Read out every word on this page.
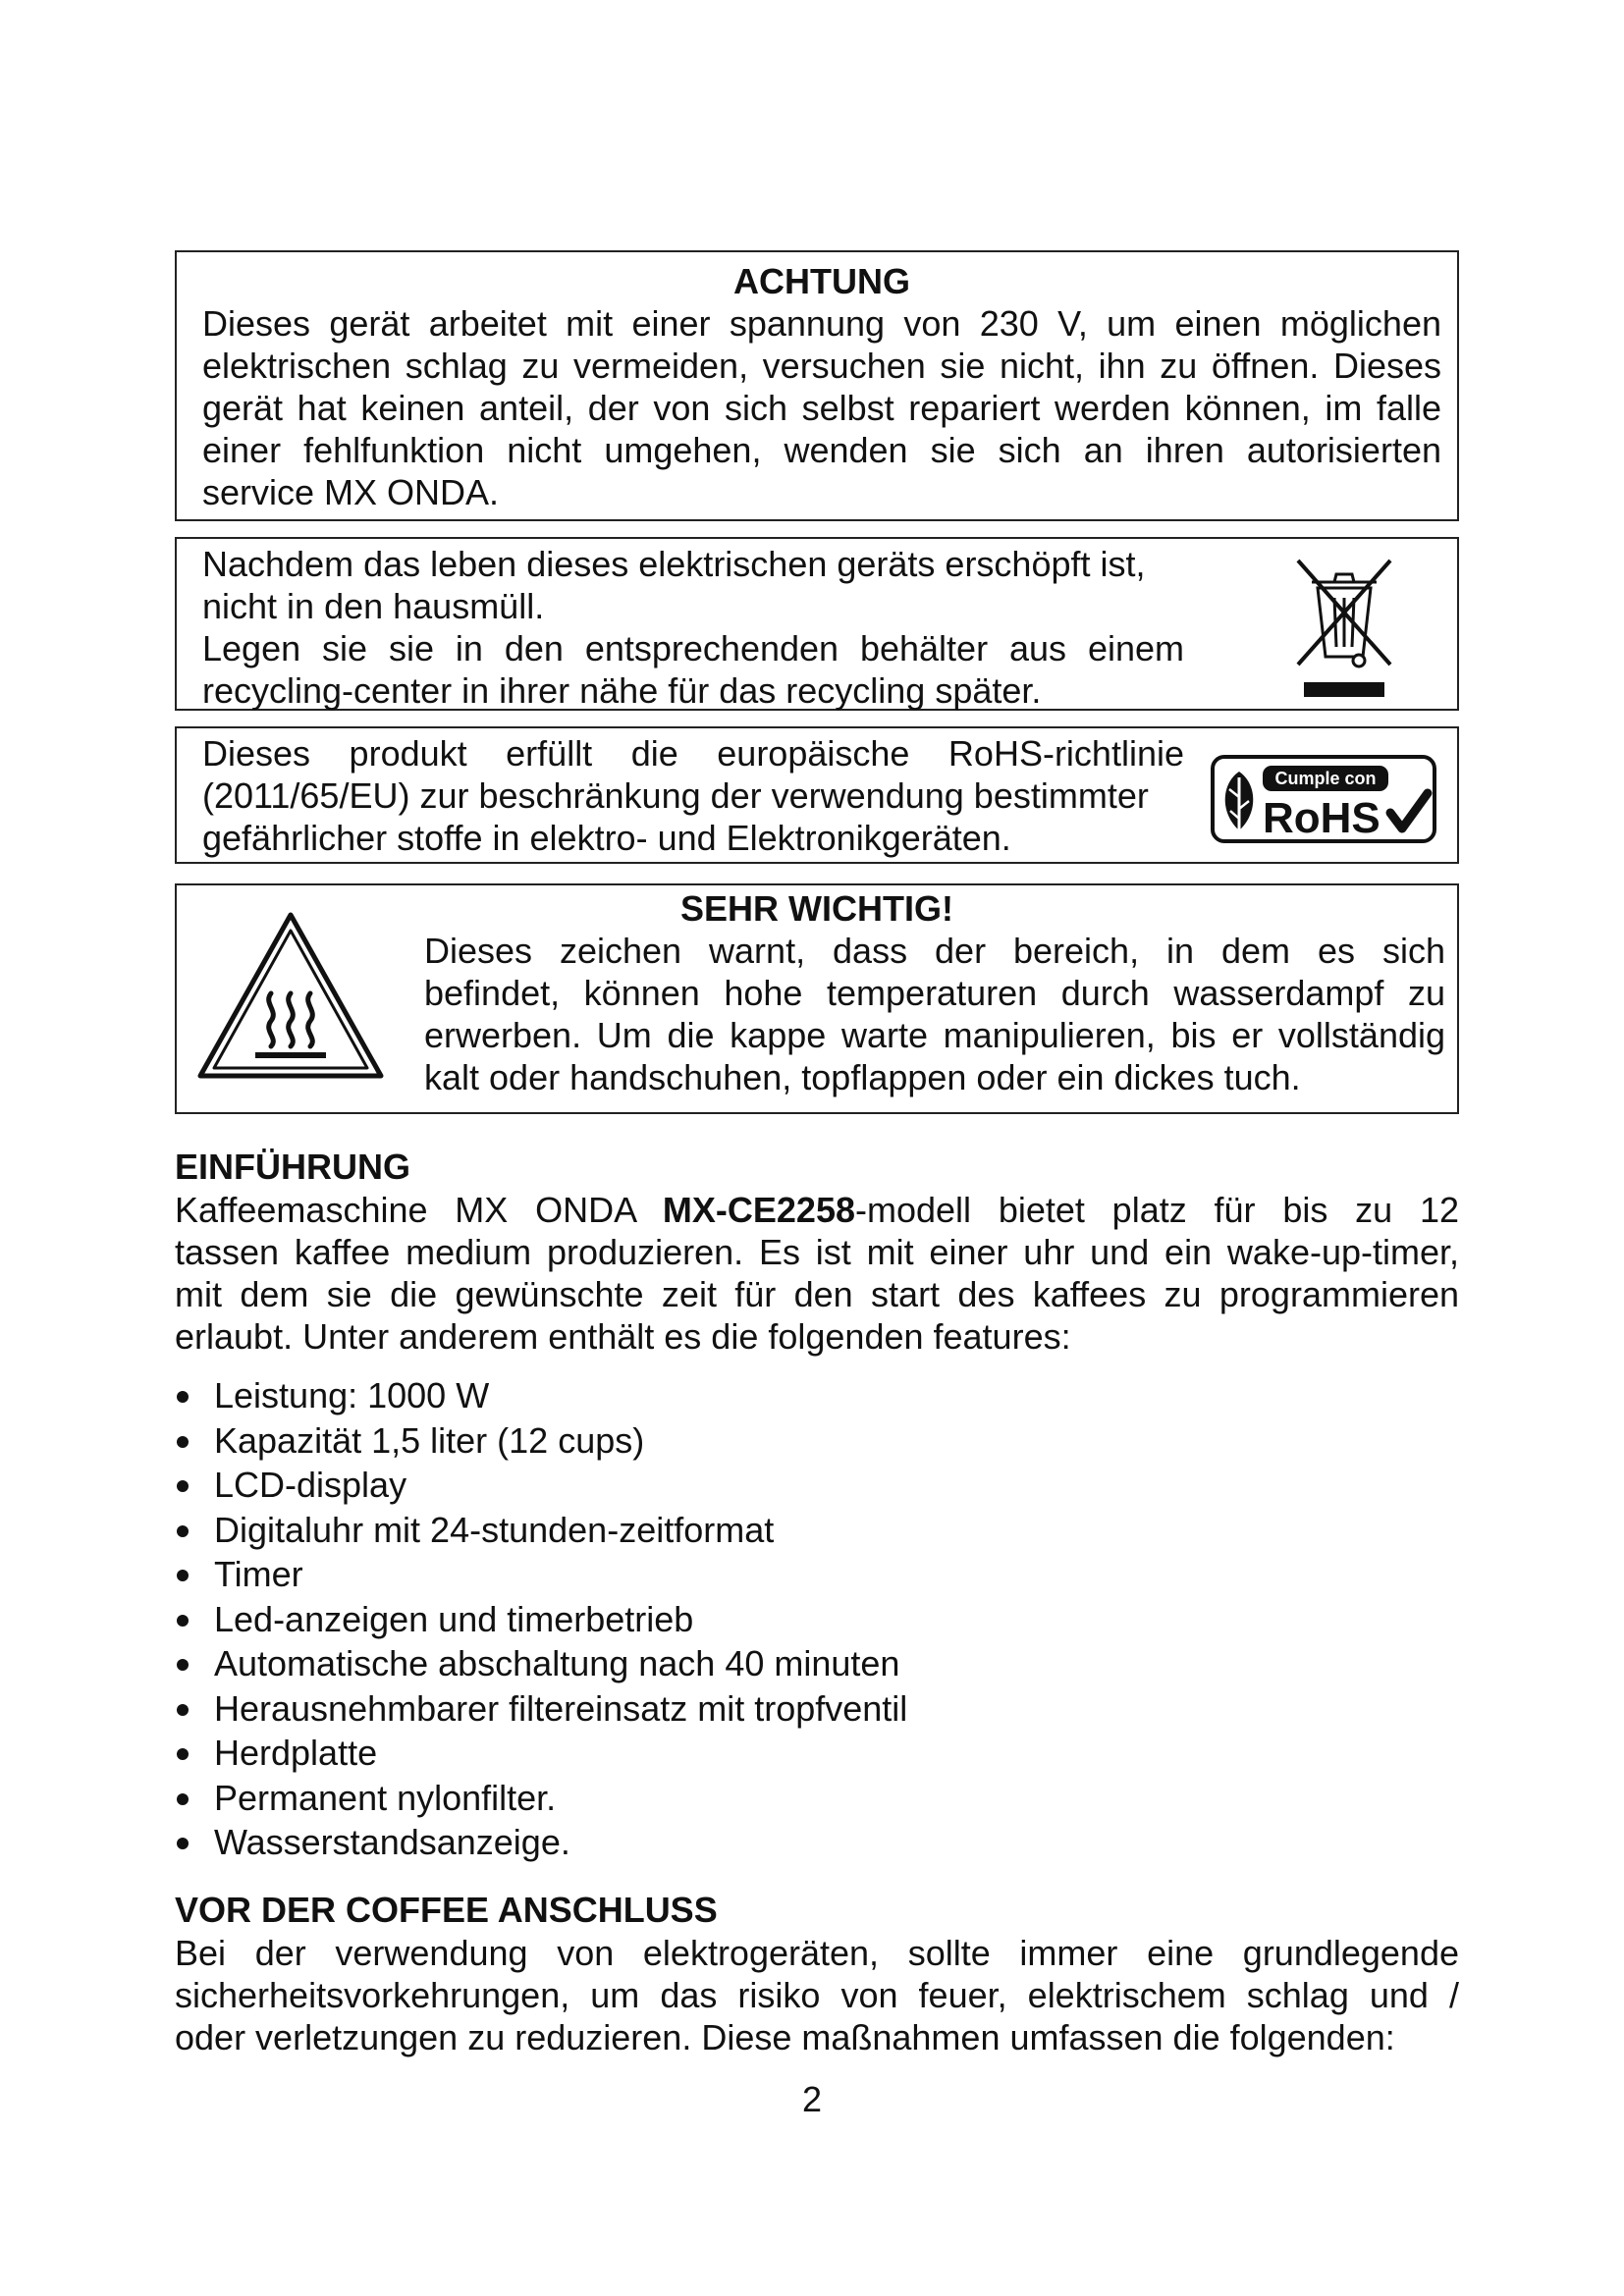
ACHTUNG

Dieses gerät arbeitet mit einer spannung von 230 V, um einen möglichen

elektrischen schlag zu vermeiden, versuchen sie nicht, ihn zu öffnen. Dieses

gerät hat keinen anteil, der von sich selbst repariert werden können, im falle

einer fehlfunktion nicht umgehen, wenden sie sich an ihren autorisierten

service MX ONDA.

Nachdem das leben dieses elektrischen geräts erschöpft ist,

nicht in den hausmüll.

Legen sie sie in den entsprechenden behälter aus einem

recycling-center in ihrer nähe für das recycling später.

Dieses produkt erfüllt die europäische RoHS-richtlinie

(2011/65/EU) zur beschränkung der verwendung bestimmter

gefährlicher stoffe in elektro- und Elektronikgeräten.

Cumple con
RoHS

SEHR WICHTIG!

Dieses zeichen warnt, dass der bereich, in dem es sich

befindet, können hohe temperaturen durch wasserdampf zu

erwerben. Um die kappe warte manipulieren, bis er vollständig

kalt oder handschuhen, topflappen oder ein dickes tuch.

EINFÜHRUNG

Kaffeemaschine MX ONDA MX-CE2258-modell bietet platz für bis zu 12

tassen kaffee medium produzieren. Es ist mit einer uhr und ein wake-up-timer,

mit dem sie die gewünschte zeit für den start des kaffees zu programmieren

erlaubt. Unter anderem enthält es die folgenden features:

Leistung: 1000 W
Kapazität 1,5 liter (12 cups)
LCD-display
Digitaluhr mit 24-stunden-zeitformat
Timer
Led-anzeigen und timerbetrieb
Automatische abschaltung nach 40 minuten
Herausnehmbarer filtereinsatz mit tropfventil
Herdplatte
Permanent nylonfilter.
Wasserstandsanzeige.
VOR DER COFFEE ANSCHLUSS

Bei der verwendung von elektrogeräten, sollte immer eine grundlegende

sicherheitsvorkehrungen, um das risiko von feuer, elektrischem schlag und /

oder verletzungen zu reduzieren. Diese maßnahmen umfassen die folgenden:

2
